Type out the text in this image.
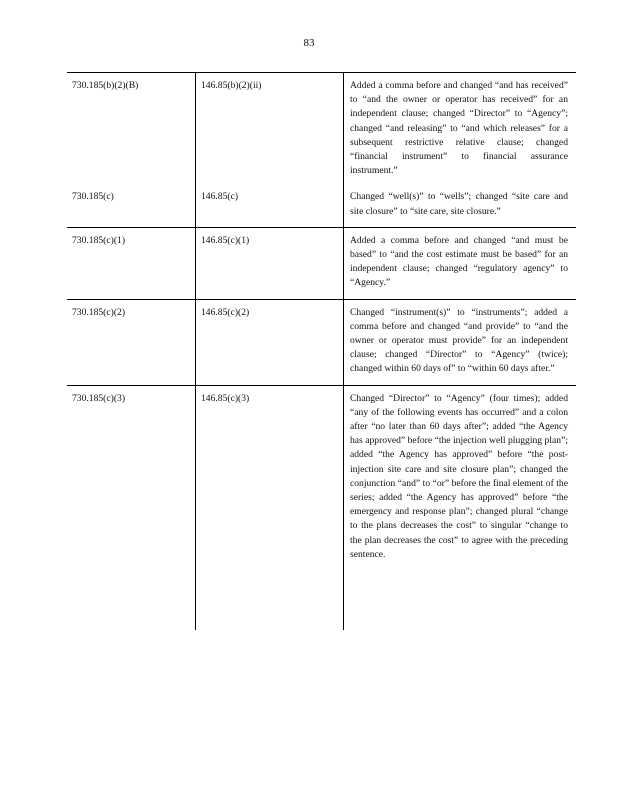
83
730.185(b)(2)(B)	146.85(b)(2)(ii)	Added a comma before and changed “and has received” to “and the owner or operator has received” for an independent clause; changed “Director” to “Agency”; changed “and releasing” to “and which releases” for a subsequent restrictive relative clause; changed “financial instrument” to financial assurance instrument.”
730.185(c)	146.85(c)	Changed “well(s)” to “wells”; changed “site care and site closure” to “site care, site closure.”
730.185(c)(1)	146.85(c)(1)	Added a comma before and changed “and must be based” to “and the cost estimate must be based” for an independent clause; changed “regulatory agency” to “Agency.”
730.185(c)(2)	146.85(c)(2)	Changed “instrument(s)” to “instruments”; added a comma before and changed “and provide” to “and the owner or operator must provide” for an independent clause; changed “Director” to “Agency” (twice); changed within 60 days of” to “within 60 days after.”
730.185(c)(3)	146.85(c)(3)	Changed “Director” to “Agency” (four times); added “any of the following events has occurred” and a colon after “no later than 60 days after”; added “the Agency has approved” before “the injection well plugging plan”; added “the Agency has approved” before “the post-injection site care and site closure plan”; changed the conjunction “and” to “or” before the final element of the series; added “the Agency has approved” before “the emergency and response plan”; changed plural “change to the plans decreases the cost” to singular “change to the plan decreases the cost” to agree with the preceding sentence.
